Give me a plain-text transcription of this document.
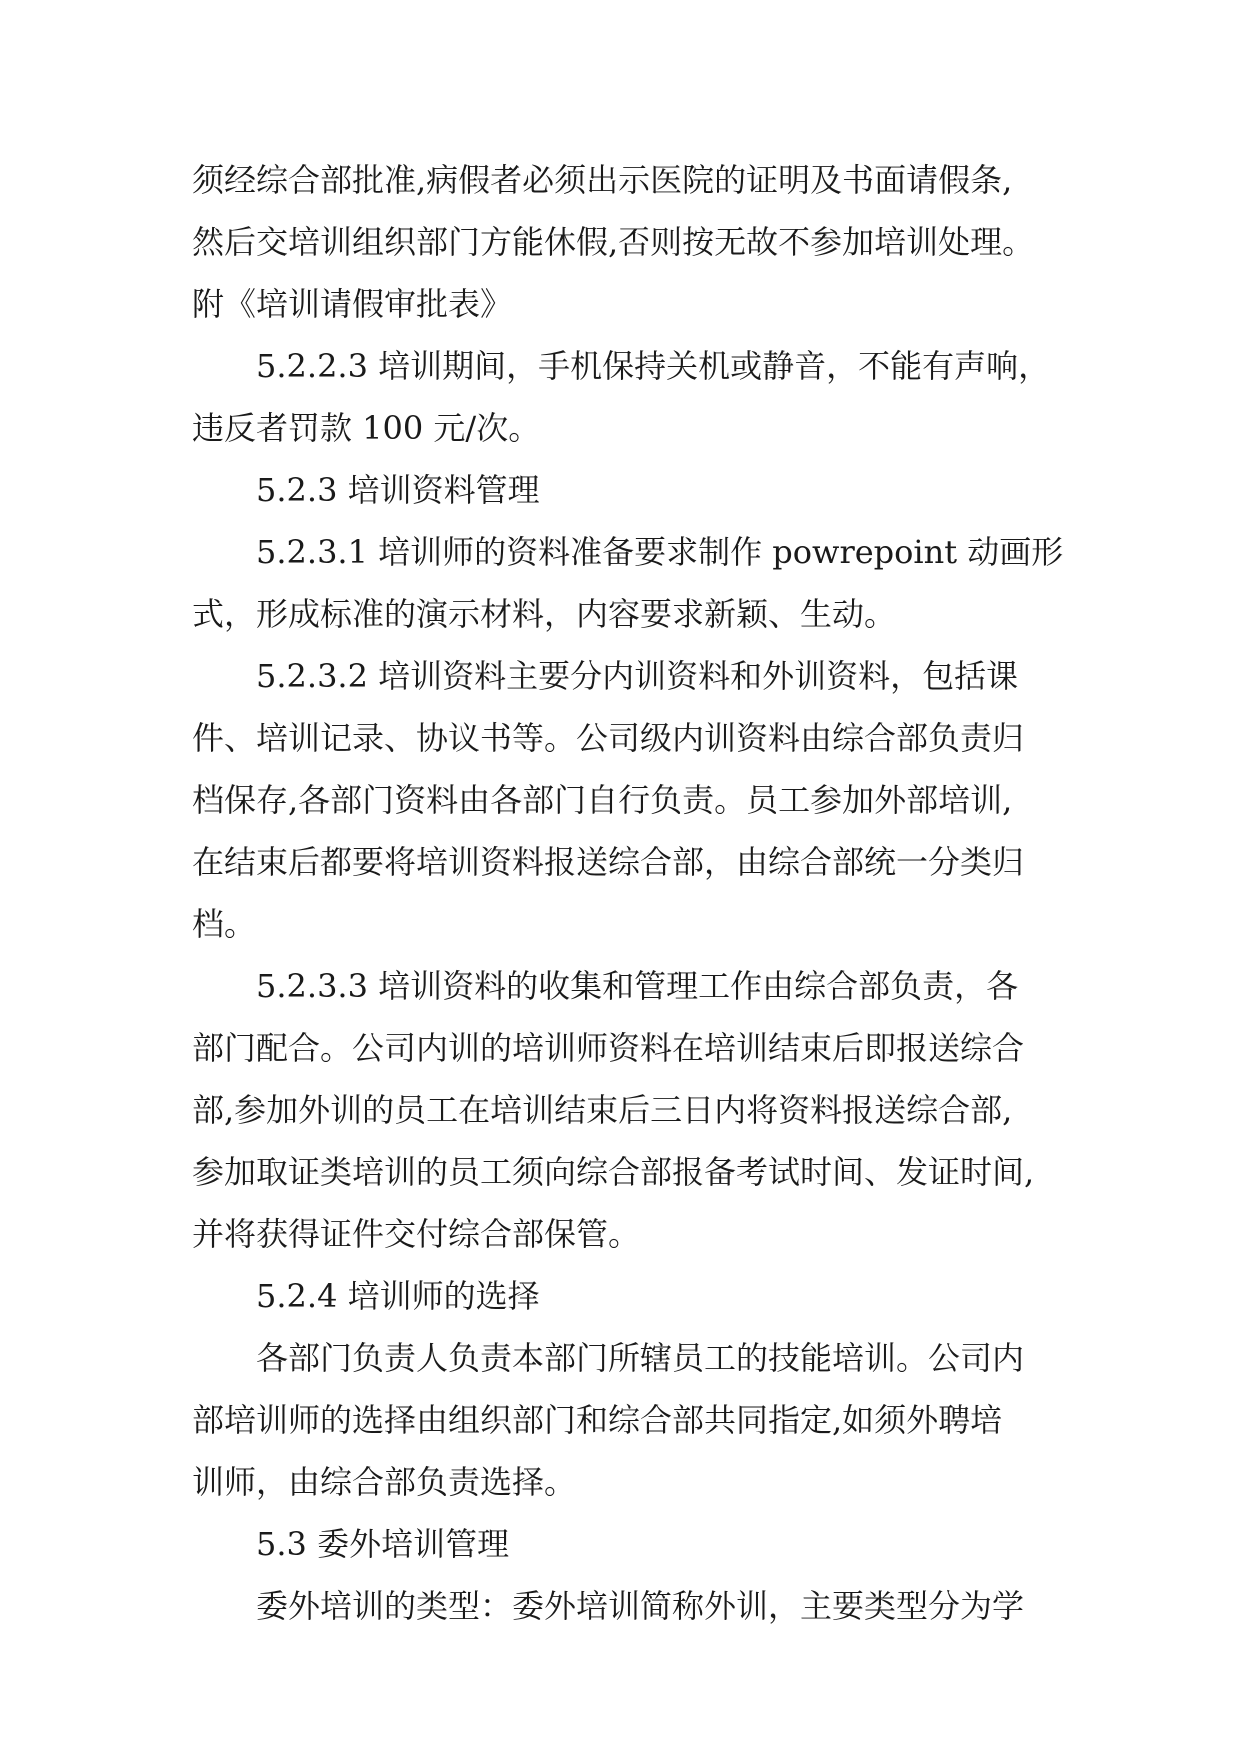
须经综合部批准,病假者必须出示医院的证明及书面请假条,
然后交培训组织部门方能休假,否则按无故不参加培训处理。
附《培训请假审批表》
5.2.2.3 培训期间，手机保持关机或静音，不能有声响，
违反者罚款 100 元/次。
5.2.3 培训资料管理
5.2.3.1 培训师的资料准备要求制作 powrepoint 动画形
式，形成标准的演示材料，内容要求新颖、生动。
5.2.3.2 培训资料主要分内训资料和外训资料，包括课
件、培训记录、协议书等。公司级内训资料由综合部负责归
档保存,各部门资料由各部门自行负责。员工参加外部培训,
在结束后都要将培训资料报送综合部，由综合部统一分类归
档。
5.2.3.3 培训资料的收集和管理工作由综合部负责，各
部门配合。公司内训的培训师资料在培训结束后即报送综合
部,参加外训的员工在培训结束后三日内将资料报送综合部,
参加取证类培训的员工须向综合部报备考试时间、发证时间,
并将获得证件交付综合部保管。
5.2.4 培训师的选择
各部门负责人负责本部门所辖员工的技能培训。公司内
部培训师的选择由组织部门和综合部共同指定,如须外聘培
训师，由综合部负责选择。
5.3 委外培训管理
委外培训的类型：委外培训简称外训，主要类型分为学
